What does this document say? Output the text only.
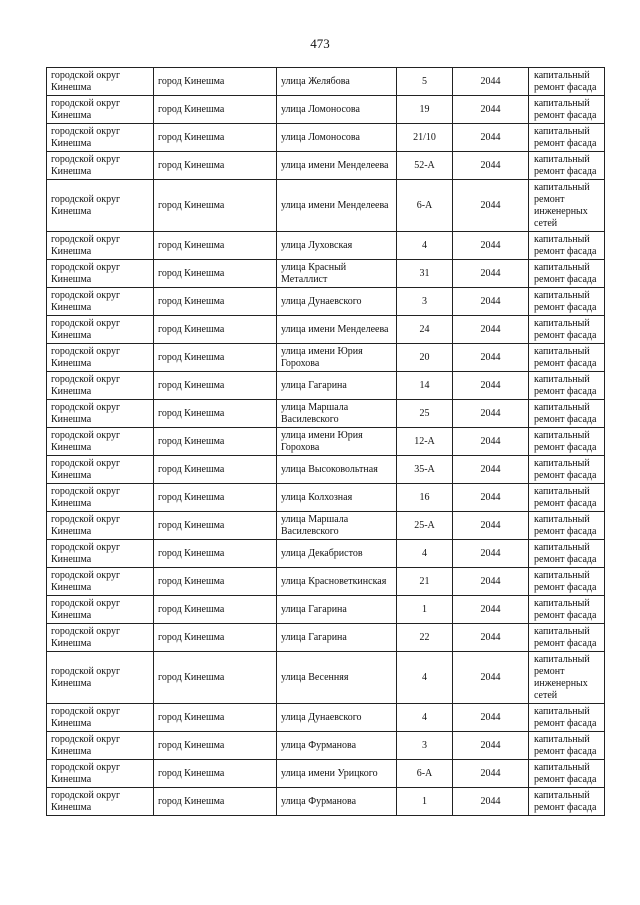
473
городской округ Кинешма	город Кинешма	улица Желябова	5	2044	капитальный ремонт фасада
городской округ Кинешма	город Кинешма	улица Ломоносова	19	2044	капитальный ремонт фасада
городской округ Кинешма	город Кинешма	улица Ломоносова	21/10	2044	капитальный ремонт фасада
городской округ Кинешма	город Кинешма	улица имени Менделеева	52-А	2044	капитальный ремонт фасада
городской округ Кинешма	город Кинешма	улица имени Менделеева	6-А	2044	капитальный ремонт инженерных сетей
городской округ Кинешма	город Кинешма	улица Луховская	4	2044	капитальный ремонт фасада
городской округ Кинешма	город Кинешма	улица Красный Металлист	31	2044	капитальный ремонт фасада
городской округ Кинешма	город Кинешма	улица Дунаевского	3	2044	капитальный ремонт фасада
городской округ Кинешма	город Кинешма	улица имени Менделеева	24	2044	капитальный ремонт фасада
городской округ Кинешма	город Кинешма	улица имени Юрия Горохова	20	2044	капитальный ремонт фасада
городской округ Кинешма	город Кинешма	улица Гагарина	14	2044	капитальный ремонт фасада
городской округ Кинешма	город Кинешма	улица Маршала Василевского	25	2044	капитальный ремонт фасада
городской округ Кинешма	город Кинешма	улица имени Юрия Горохова	12-А	2044	капитальный ремонт фасада
городской округ Кинешма	город Кинешма	улица Высоковольтная	35-А	2044	капитальный ремонт фасада
городской округ Кинешма	город Кинешма	улица Колхозная	16	2044	капитальный ремонт фасада
городской округ Кинешма	город Кинешма	улица Маршала Василевского	25-А	2044	капитальный ремонт фасада
городской округ Кинешма	город Кинешма	улица Декабристов	4	2044	капитальный ремонт фасада
городской округ Кинешма	город Кинешма	улица Красноветкинская	21	2044	капитальный ремонт фасада
городской округ Кинешма	город Кинешма	улица Гагарина	1	2044	капитальный ремонт фасада
городской округ Кинешма	город Кинешма	улица Гагарина	22	2044	капитальный ремонт фасада
городской округ Кинешма	город Кинешма	улица Весенняя	4	2044	капитальный ремонт инженерных сетей
городской округ Кинешма	город Кинешма	улица Дунаевского	4	2044	капитальный ремонт фасада
городской округ Кинешма	город Кинешма	улица Фурманова	3	2044	капитальный ремонт фасада
городской округ Кинешма	город Кинешма	улица имени Урицкого	6-А	2044	капитальный ремонт фасада
городской округ Кинешма	город Кинешма	улица Фурманова	1	2044	капитальный ремонт фасада
